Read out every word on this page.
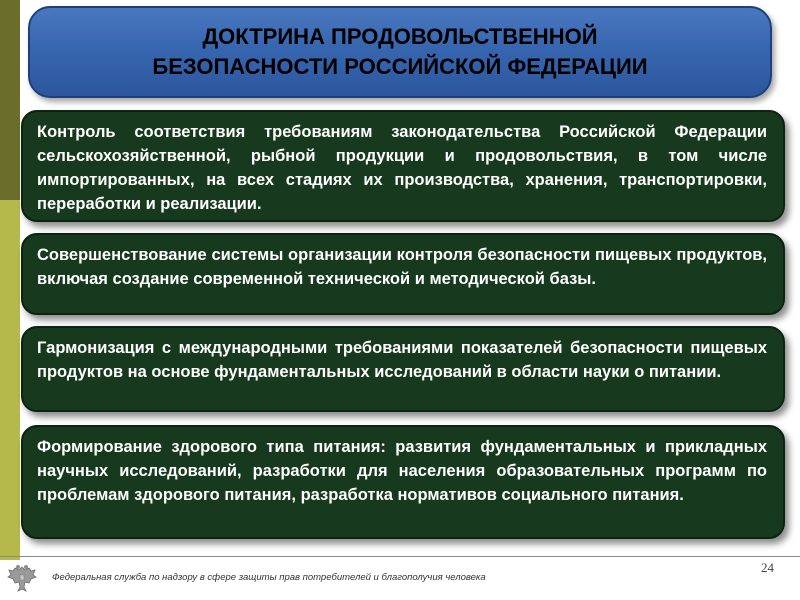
ДОКТРИНА ПРОДОВОЛЬСТВЕННОЙ
БЕЗОПАСНОСТИ РОССИЙСКОЙ ФЕДЕРАЦИИ
Контроль соответствия требованиям законодательства Российской Федерации сельскохозяйственной, рыбной продукции и продовольствия, в том числе импортированных, на всех стадиях их производства, хранения, транспортировки, переработки и реализации.
Совершенствование системы организации контроля безопасности пищевых продуктов, включая создание современной технической и методической базы.
Гармонизация с международными требованиями показателей безопасности пищевых продуктов на основе фундаментальных исследований в области науки о питании.
Формирование здорового типа питания: развития фундаментальных и прикладных научных исследований, разработки для населения образовательных программ по проблемам здорового питания, разработка нормативов социального питания.
Федеральная служба по надзору в сфере защиты прав потребителей и благополучия человека
24
